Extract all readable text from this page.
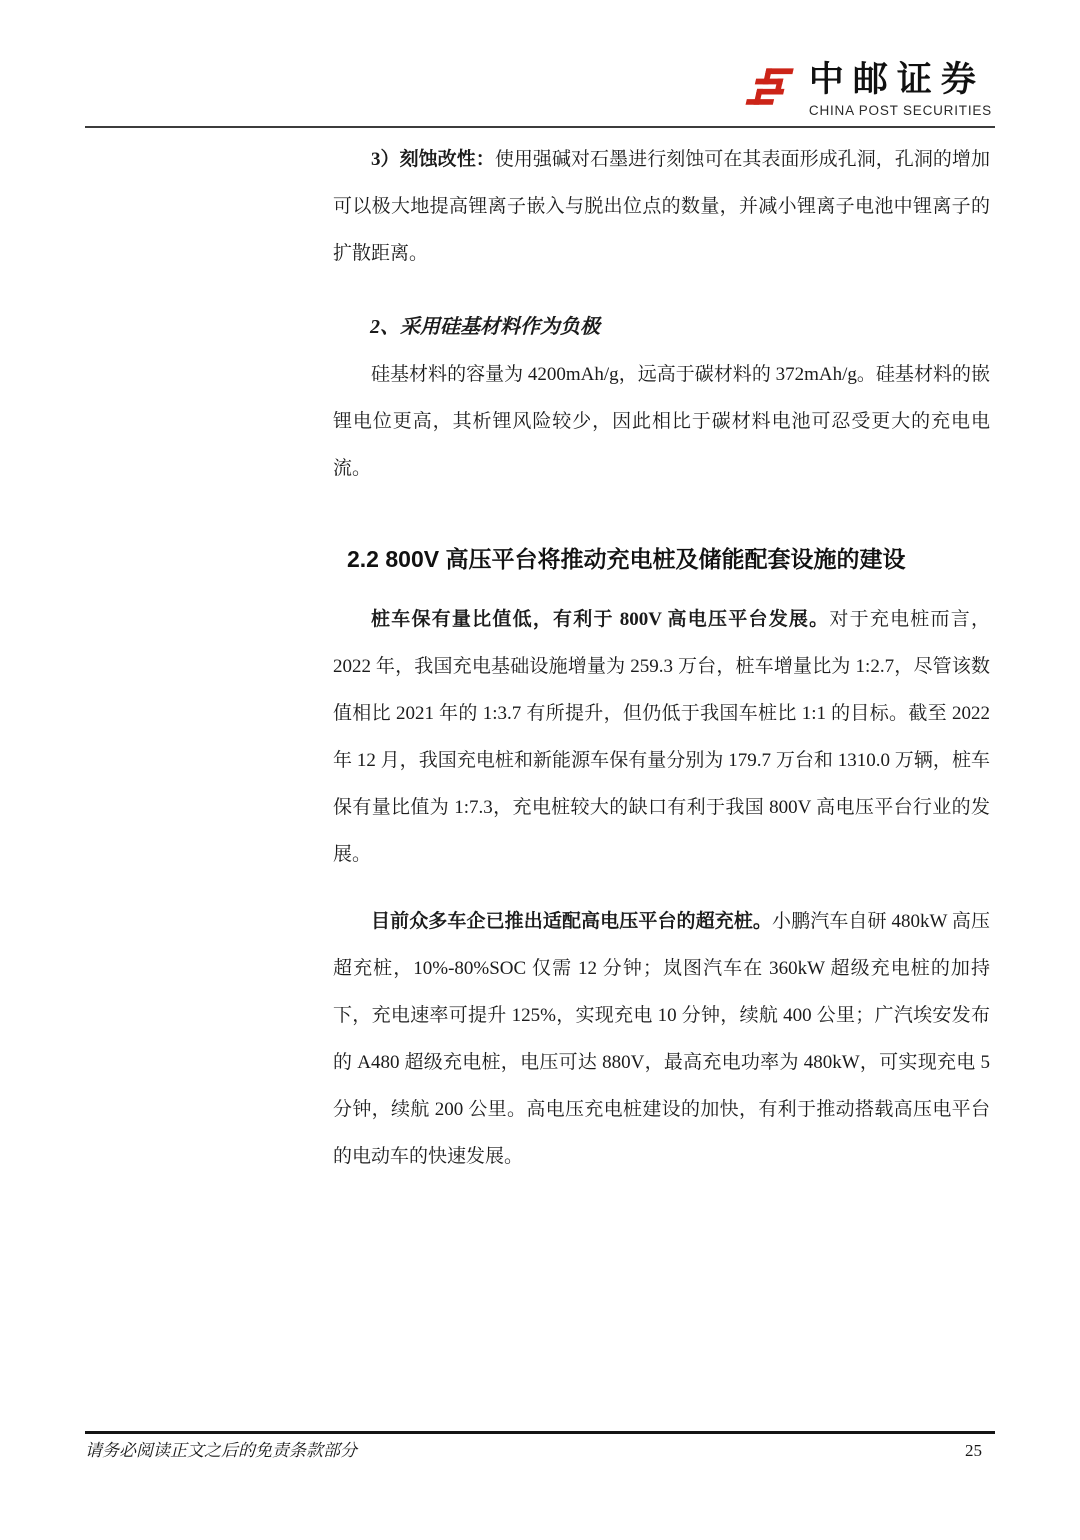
中邮证券
CHINA POST SECURITIES

3）刻蚀改性：使用强碱对石墨进行刻蚀可在其表面形成孔洞，孔洞的增加可以极大地提高锂离子嵌入与脱出位点的数量，并减小锂离子电池中锂离子的扩散距离。

2、采用硅基材料作为负极

硅基材料的容量为 4200mAh/g，远高于碳材料的 372mAh/g。硅基材料的嵌锂电位更高，其析锂风险较少，因此相比于碳材料电池可忍受更大的充电电流。

2.2 800V 高压平台将推动充电桩及储能配套设施的建设

桩车保有量比值低，有利于 800V 高电压平台发展。对于充电桩而言，2022 年，我国充电基础设施增量为 259.3 万台，桩车增量比为 1:2.7，尽管该数值相比 2021 年的 1:3.7 有所提升，但仍低于我国车桩比 1:1 的目标。截至 2022 年 12 月，我国充电桩和新能源车保有量分别为 179.7 万台和 1310.0 万辆，桩车保有量比值为 1:7.3，充电桩较大的缺口有利于我国 800V 高电压平台行业的发展。

目前众多车企已推出适配高电压平台的超充桩。小鹏汽车自研 480kW 高压超充桩，10%-80%SOC 仅需 12 分钟；岚图汽车在 360kW 超级充电桩的加持下，充电速率可提升 125%，实现充电 10 分钟，续航 400 公里；广汽埃安发布的 A480 超级充电桩，电压可达 880V，最高充电功率为 480kW，可实现充电 5 分钟，续航 200 公里。高电压充电桩建设的加快，有利于推动搭载高压电平台的电动车的快速发展。

请务必阅读正文之后的免责条款部分	25
